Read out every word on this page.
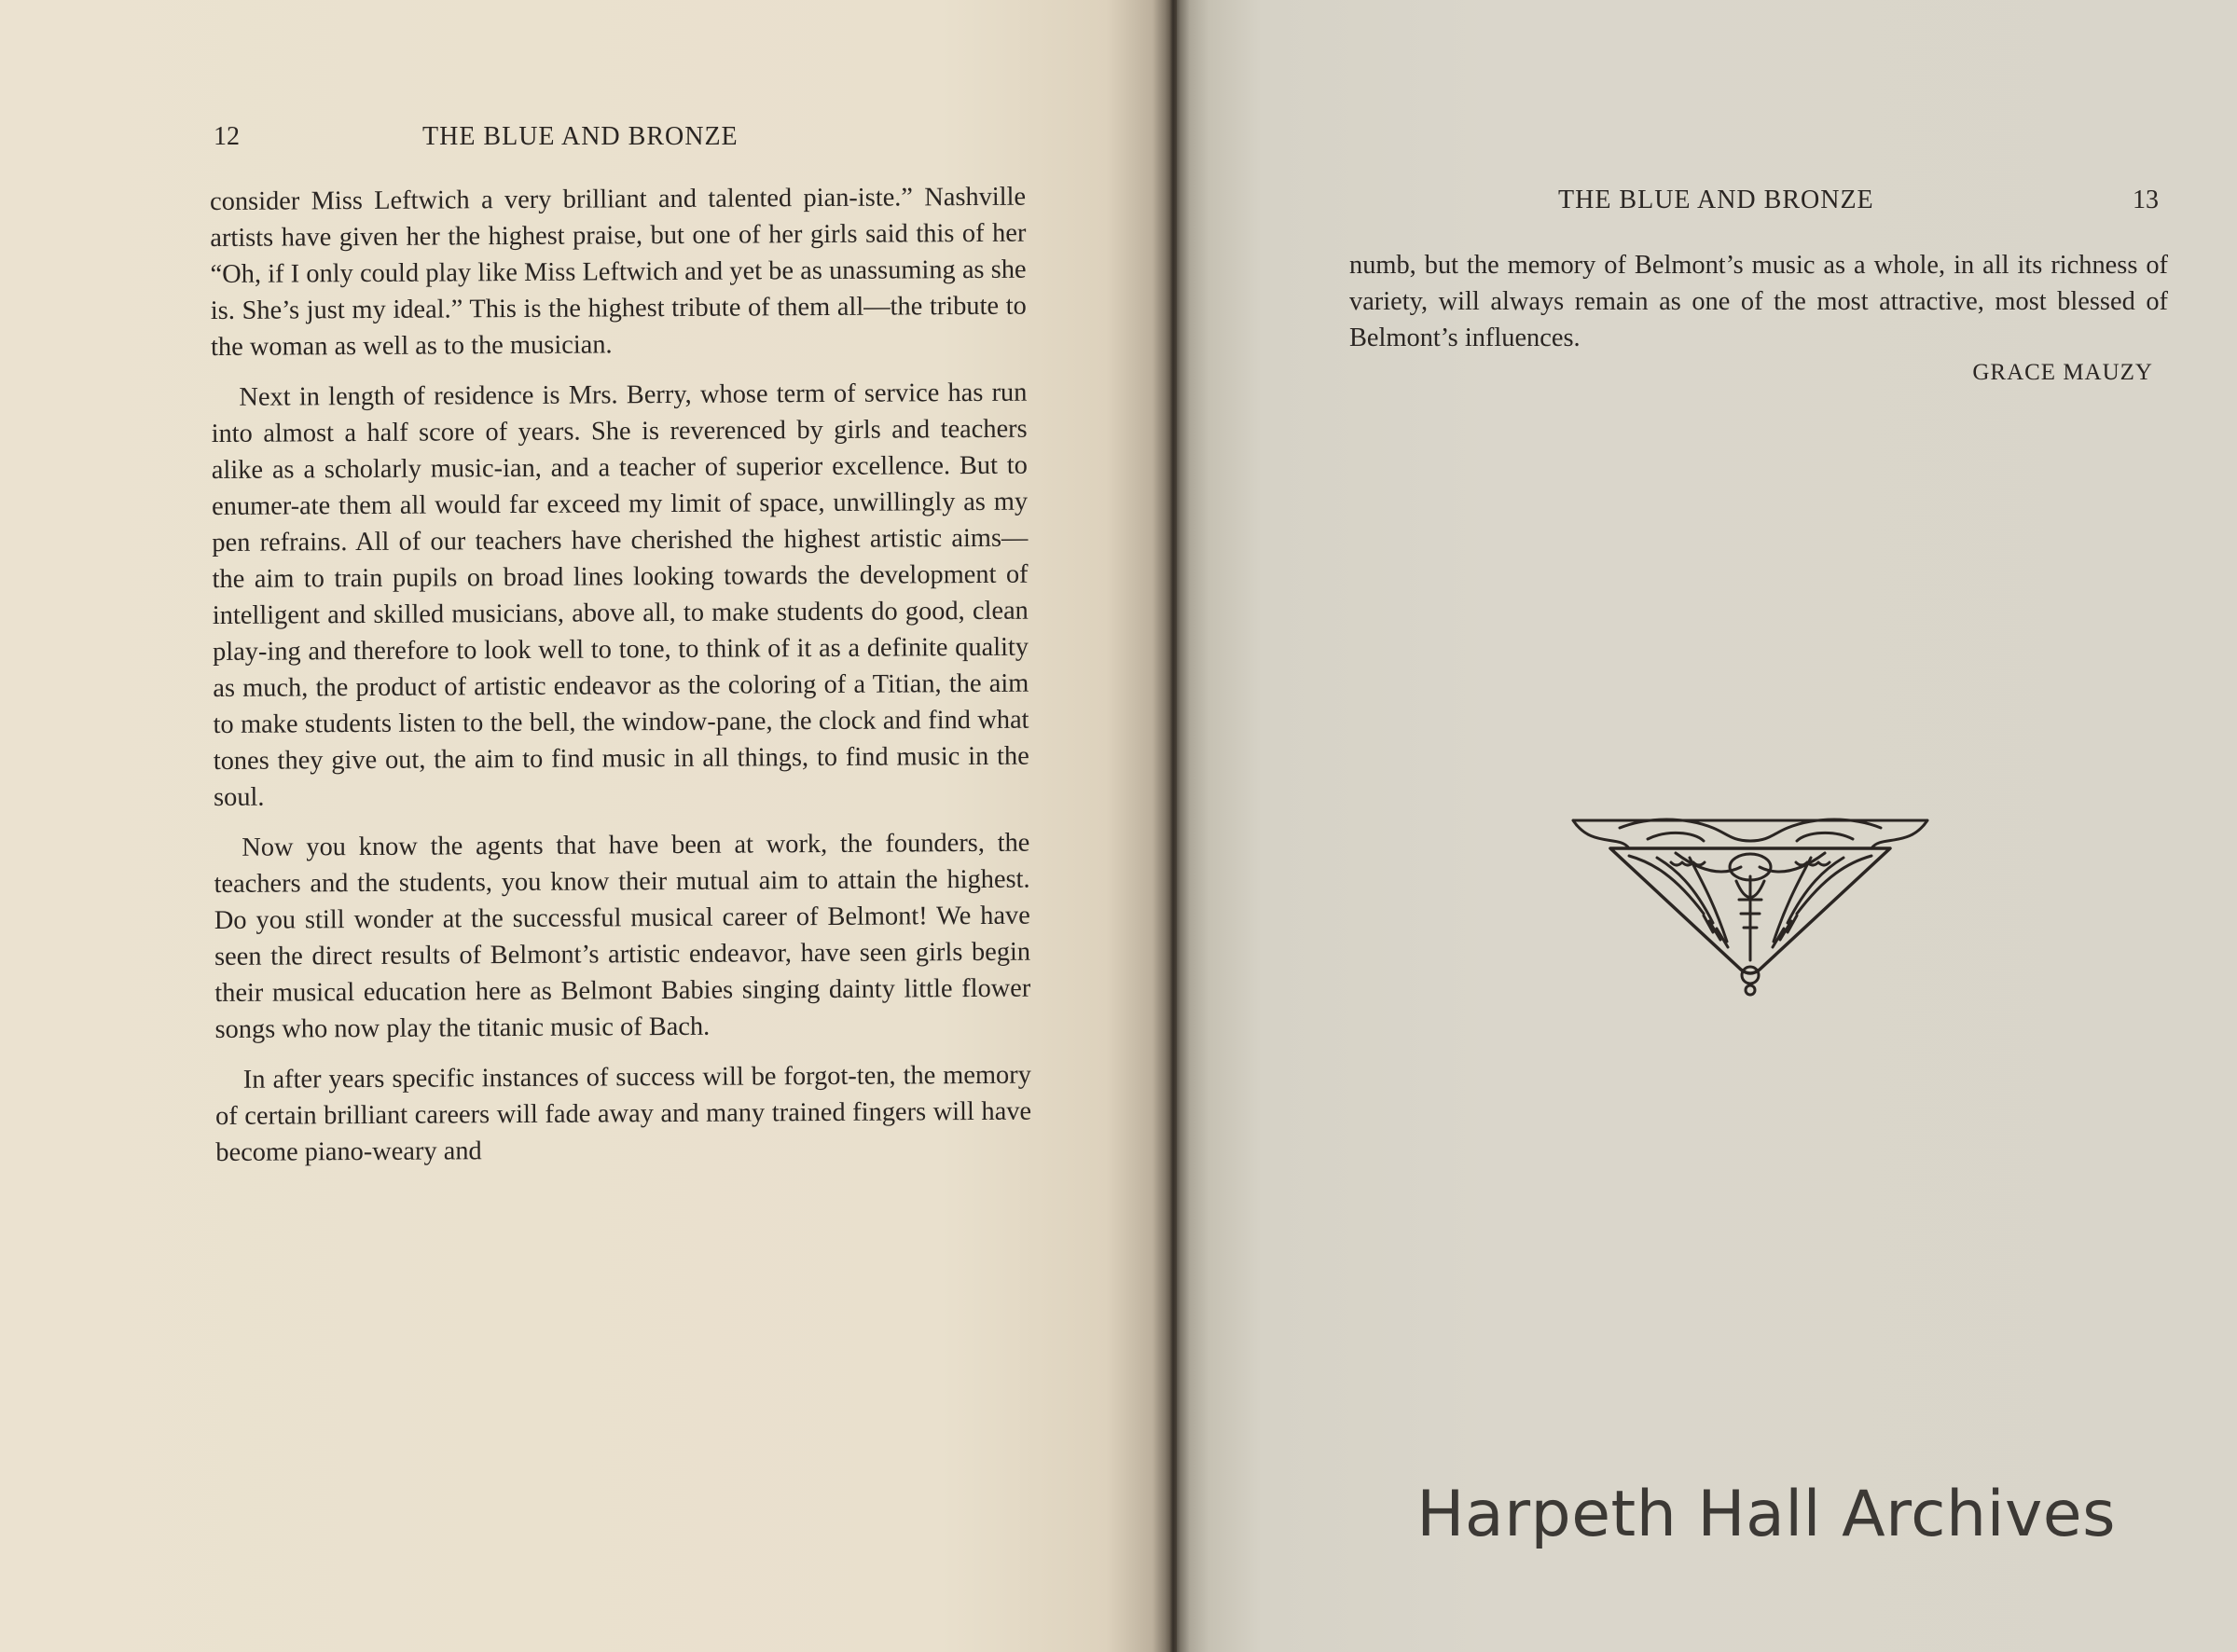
12	THE BLUE AND BRONZE

consider Miss Leftwich a very brilliant and talented pian-iste.” Nashville artists have given her the highest praise, but one of her girls said this of her “Oh, if I only could play like Miss Leftwich and yet be as unassuming as she is. She’s just my ideal.” This is the highest tribute of them all—the tribute to the woman as well as to the musician.

Next in length of residence is Mrs. Berry, whose term of service has run into almost a half score of years. She is reverenced by girls and teachers alike as a scholarly music-ian, and a teacher of superior excellence. But to enumer-ate them all would far exceed my limit of space, unwillingly as my pen refrains. All of our teachers have cherished the highest artistic aims—the aim to train pupils on broad lines looking towards the development of intelligent and skilled musicians, above all, to make students do good, clean play-ing and therefore to look well to tone, to think of it as a definite quality as much, the product of artistic endeavor as the coloring of a Titian, the aim to make students listen to the bell, the window-pane, the clock and find what tones they give out, the aim to find music in all things, to find music in the soul.

Now you know the agents that have been at work, the founders, the teachers and the students, you know their mutual aim to attain the highest. Do you still wonder at the successful musical career of Belmont! We have seen the direct results of Belmont’s artistic endeavor, have seen girls begin their musical education here as Belmont Babies singing dainty little flower songs who now play the titanic music of Bach.

In after years specific instances of success will be forgot-ten, the memory of certain brilliant careers will fade away and many trained fingers will have become piano-weary and

THE BLUE AND BRONZE	13

numb, but the memory of Belmont’s music as a whole, in all its richness of variety, will always remain as one of the most attractive, most blessed of Belmont’s influences.

GRACE MAUZY
Harpeth Hall Archives
